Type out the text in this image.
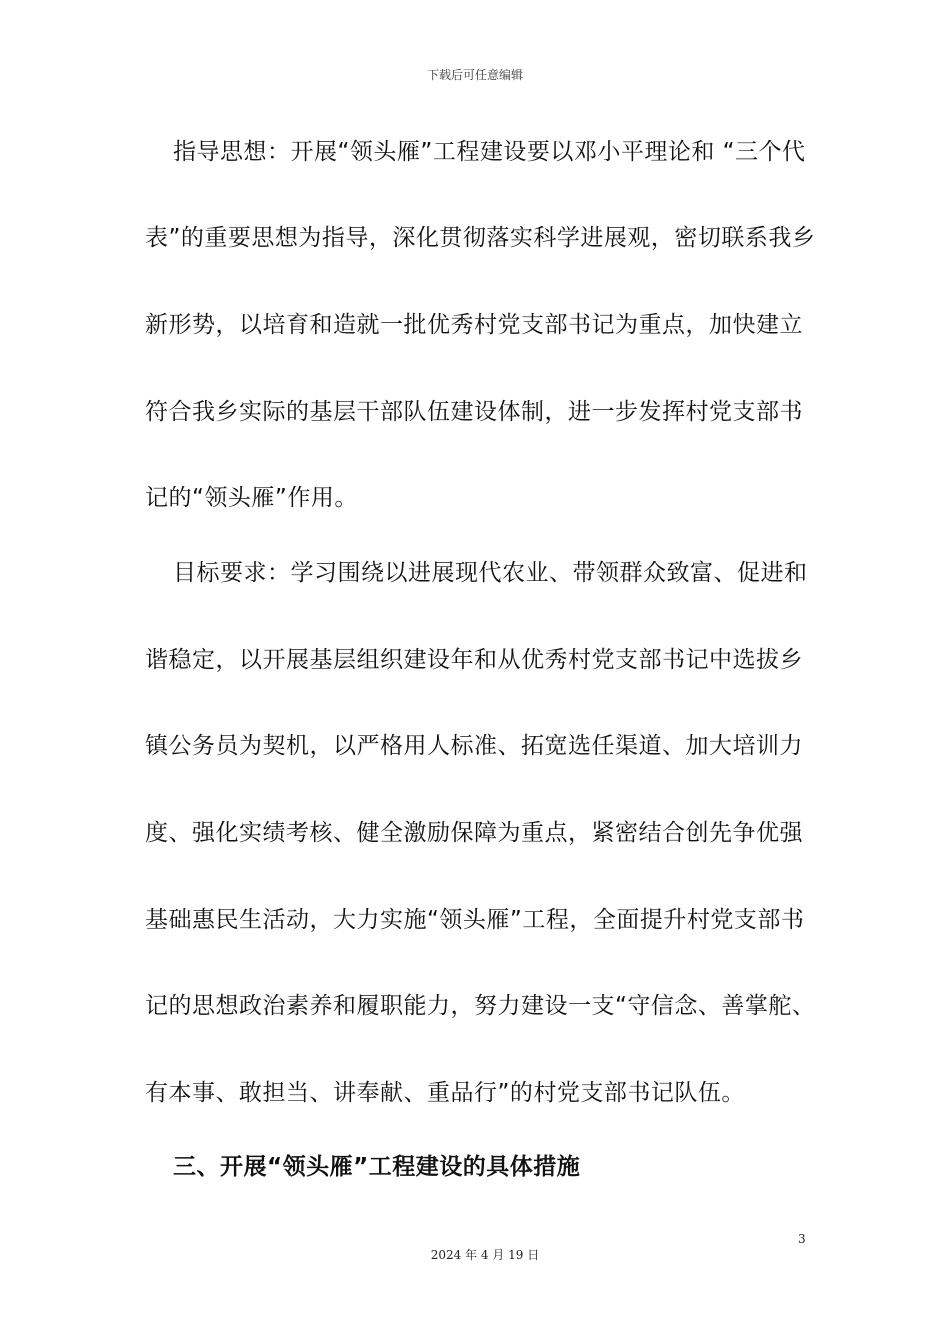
下载后可任意编辑
指导思想：开展“领头雁”工程建设要以邓小平理论和 “三个代
表”的重要思想为指导，深化贯彻落实科学进展观，密切联系我乡
新形势，以培育和造就一批优秀村党支部书记为重点，加快建立
符合我乡实际的基层干部队伍建设体制，进一步发挥村党支部书
记的“领头雁”作用。
目标要求：学习围绕以进展现代农业、带领群众致富、促进和
谐稳定，以开展基层组织建设年和从优秀村党支部书记中选拔乡
镇公务员为契机，以严格用人标准、拓宽选任渠道、加大培训力
度、强化实绩考核、健全激励保障为重点，紧密结合创先争优强
基础惠民生活动，大力实施“领头雁”工程，全面提升村党支部书
记的思想政治素养和履职能力，努力建设一支“守信念、善掌舵、
有本事、敢担当、讲奉献、重品行”的村党支部书记队伍。
三、开展“领头雁”工程建设的具体措施
3
2024 年 4 月 19 日
